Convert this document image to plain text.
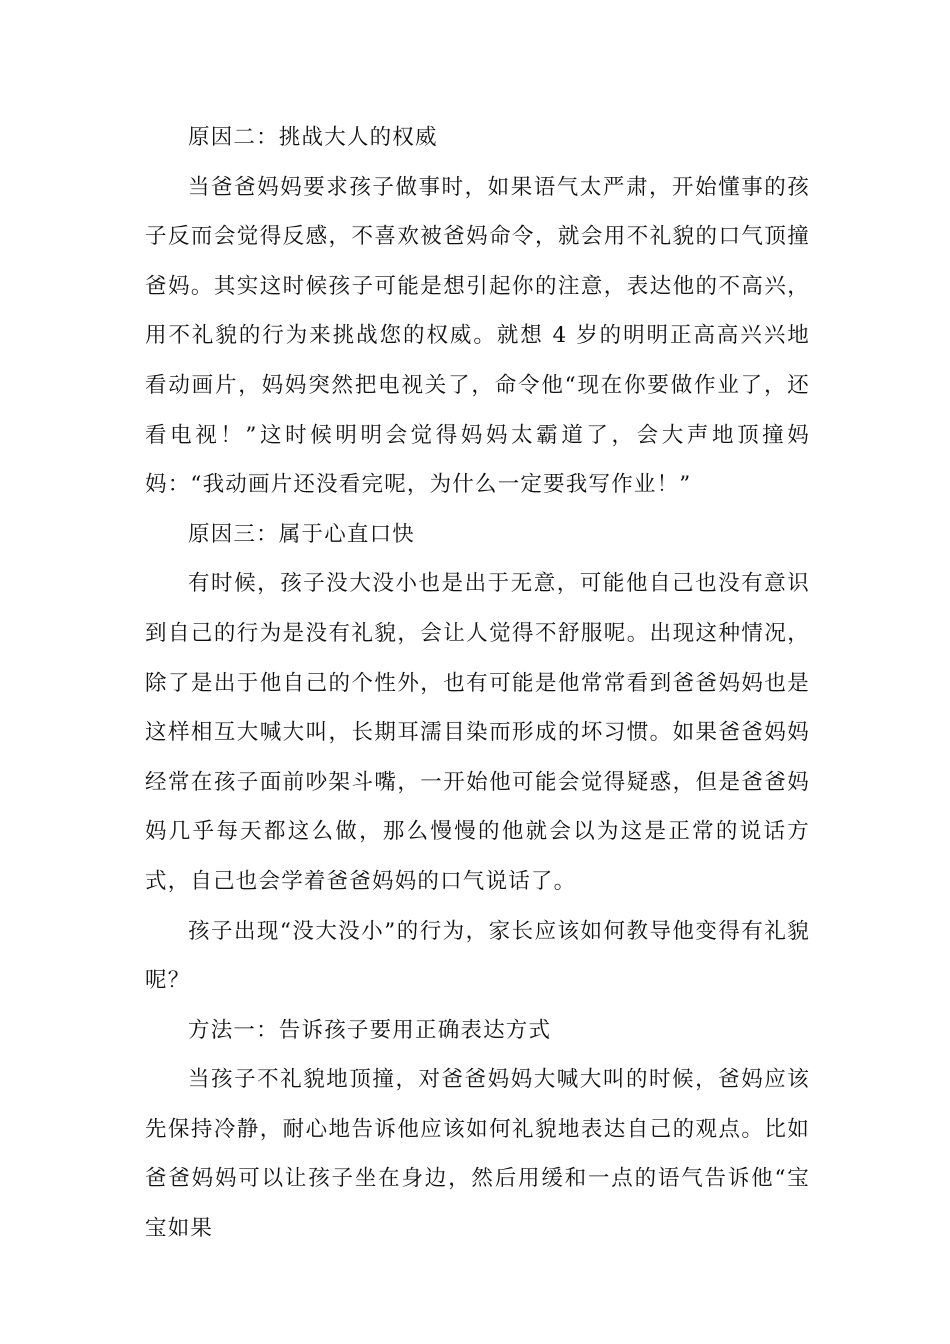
原因二：挑战大人的权威

当爸爸妈妈要求孩子做事时，如果语气太严肃，开始懂事的孩子反而会觉得反感，不喜欢被爸妈命令，就会用不礼貌的口气顶撞爸妈。其实这时候孩子可能是想引起你的注意，表达他的不高兴，用不礼貌的行为来挑战您的权威。就想 4 岁的明明正高高兴兴地看动画片，妈妈突然把电视关了，命令他“现在你要做作业了，还看电视！”这时候明明会觉得妈妈太霸道了，会大声地顶撞妈妈：“我动画片还没看完呢，为什么一定要我写作业！”

原因三：属于心直口快

有时候，孩子没大没小也是出于无意，可能他自己也没有意识到自己的行为是没有礼貌，会让人觉得不舒服呢。出现这种情况，除了是出于他自己的个性外，也有可能是他常常看到爸爸妈妈也是这样相互大喊大叫，长期耳濡目染而形成的坏习惯。如果爸爸妈妈经常在孩子面前吵架斗嘴，一开始他可能会觉得疑惑，但是爸爸妈妈几乎每天都这么做，那么慢慢的他就会以为这是正常的说话方式，自己也会学着爸爸妈妈的口气说话了。

孩子出现“没大没小”的行为，家长应该如何教导他变得有礼貌呢？

方法一：告诉孩子要用正确表达方式

当孩子不礼貌地顶撞，对爸爸妈妈大喊大叫的时候，爸妈应该先保持冷静，耐心地告诉他应该如何礼貌地表达自己的观点。比如爸爸妈妈可以让孩子坐在身边，然后用缓和一点的语气告诉他“宝宝如果
